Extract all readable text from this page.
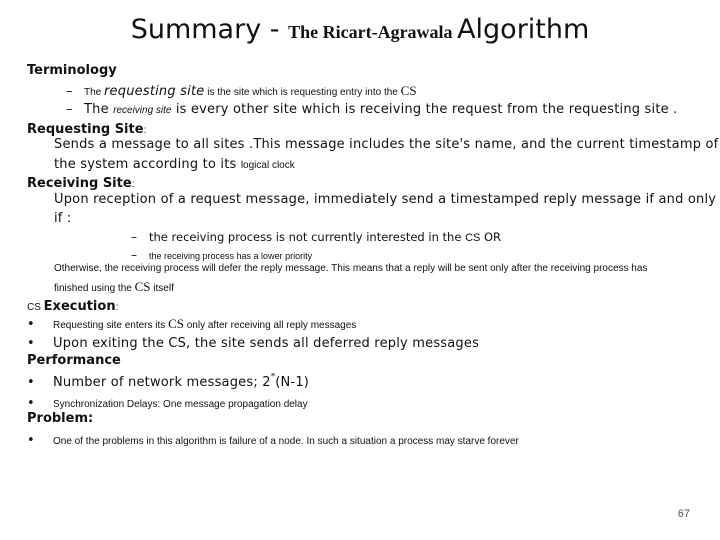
Summary - The Ricart-Agrawala Algorithm
Terminology
– The requesting site is the site which is requesting entry into the CS
– The receiving site is every other site which is receiving the request from the requesting site .
Requesting Site:
Sends a message to all sites .This message includes the site's name, and the current timestamp of
the system according to its logical clock
Receiving Site:
Upon reception of a request message, immediately send a timestamped reply message if and only
if :
– the receiving process is not currently interested in the CS OR
– the receiving process has a lower priority
Otherwise, the receiving process will defer the reply message. This means that a reply will be sent only after the receiving process has
finished using the CS itself
CS Execution:
• Requesting site enters its CS only after receiving all reply messages
• Upon exiting the CS, the site sends all deferred reply messages
Performance
• Number of network messages; 2*(N-1)
• Synchronization Delays: One message propagation delay
Problem:
• One of the problems in this algorithm is failure of a node. In such a situation a process may starve forever
67
